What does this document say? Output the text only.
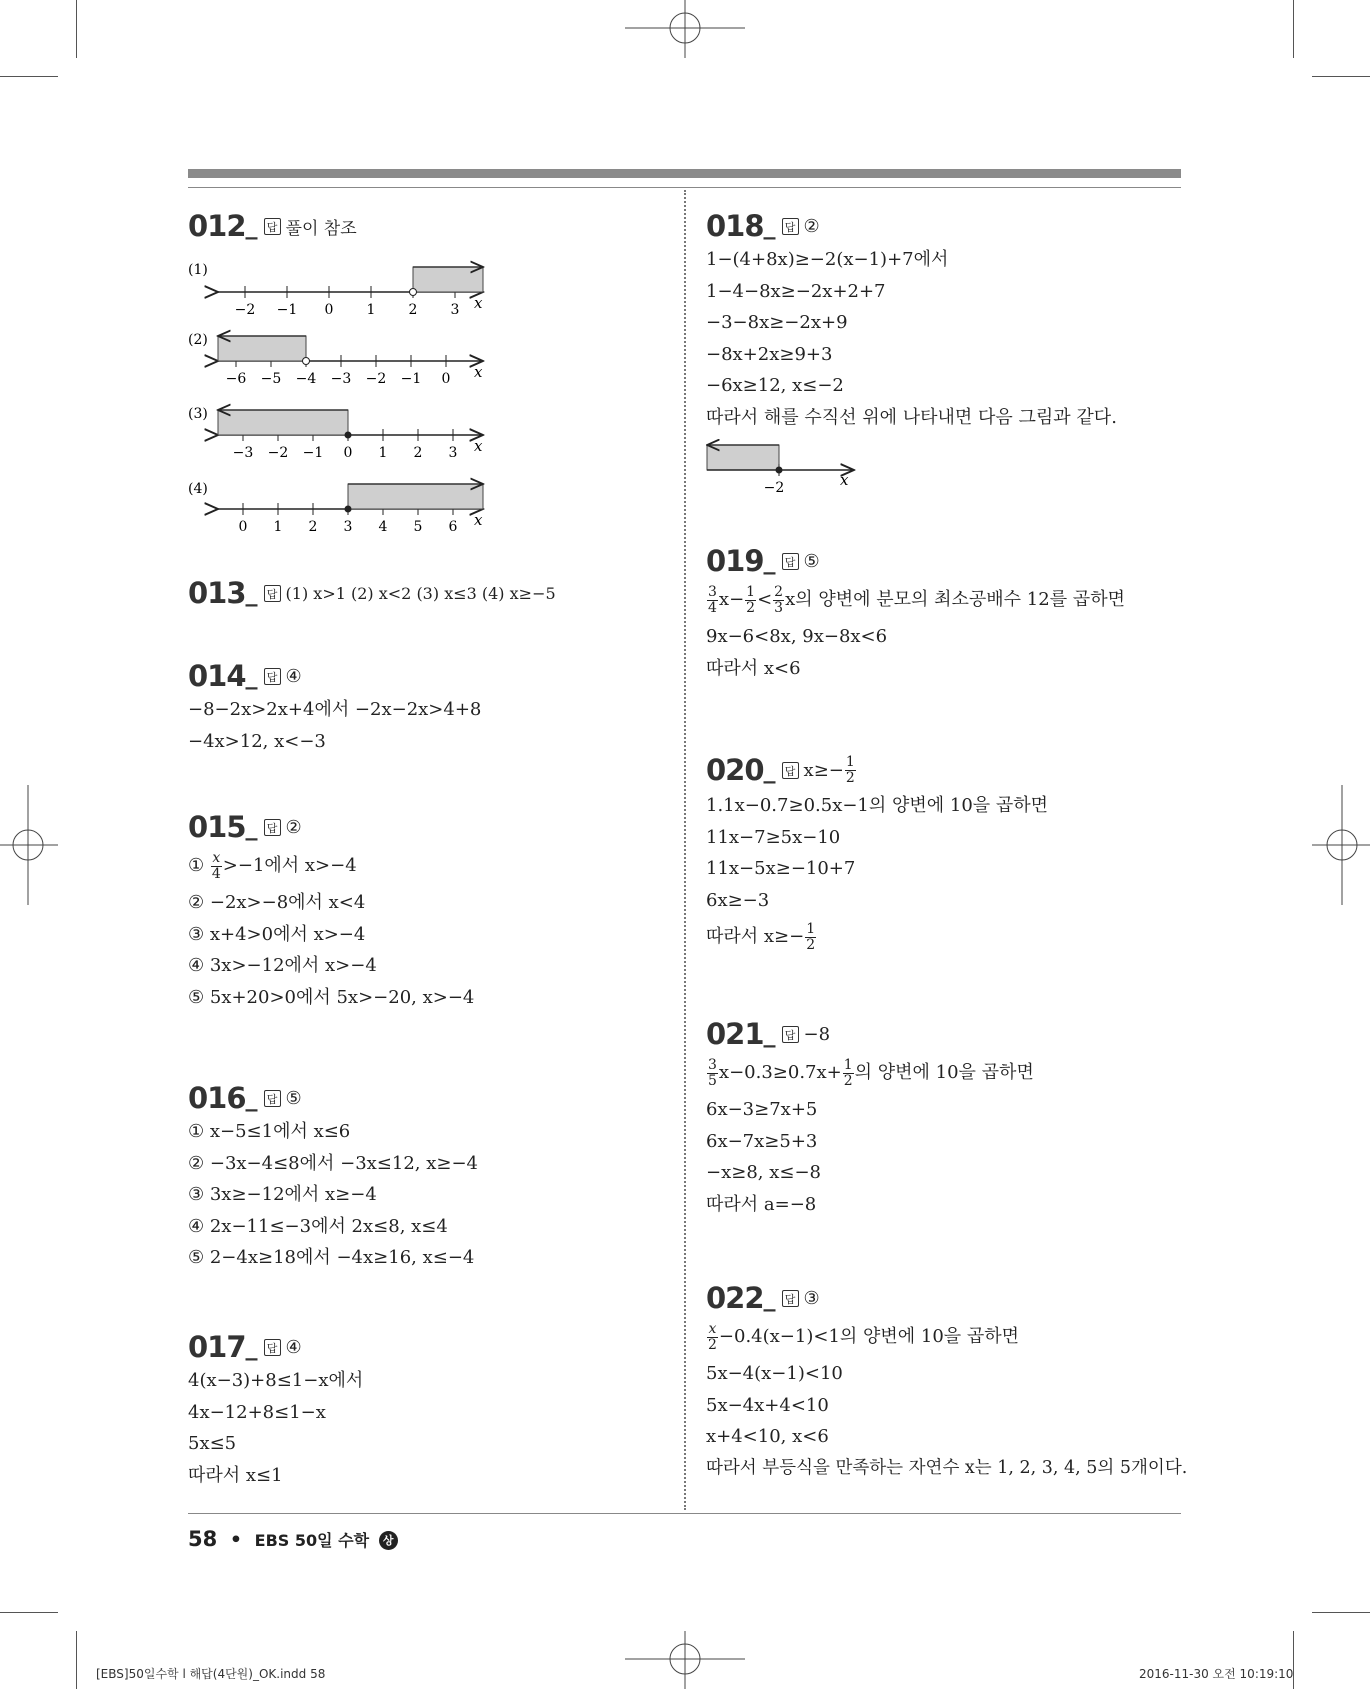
012 _ 답 풀이 참조
(1)
−2 −1 0 1 2 3 x
(2)
−6 −5 −4 −3 −2 −1 0 x
(3)
−3 −2 −1 0 1 2 3 x
(4)
0 1 2 3 4 5 6 x
013 _ 답 (1) x>1 (2) x<2 (3) x≤3 (4) x≥−5
014 _ 답 ④
−8−2x>2x+4에서 −2x−2x>4+8
−4x>12, x<−3
015 _ 답 ②
① $\frac{x}{4} >-1$에서 x>−4
② −2x>−8에서 x<4
③ x+4>0에서 x>−4
④ 3x>−12에서 x>−4
⑤ 5x+20>0에서 5x>−20, x>−4
016 _ 답 ⑤
① x−5≤1에서 x≤6
② −3x−4≤8에서 −3x≤12, x≥−4
③ 3x≥−12에서 x≥−4
④ 2x−11≤−3에서 2x≤8, x≤4
⑤ 2−4x≥18에서 −4x≥16, x≤−4
017 _ 답 ④
4(x−3)+8≤1−x에서
4x−12+8≤1−x
5x≤5
따라서 x≤1
018 _ 답 ②
1−(4+8x)≥−2(x−1)+7에서
1−4−8x≥−2x+2+7
−3−8x≥−2x+9
−8x+2x≥9+3
−6x≥12, x≤−2
따라서 해를 수직선 위에 나타내면 다음 그림과 같다.
−2	x
019 _ 답 ⑤
$\frac{3}{4} x- \frac{1}{2} < \frac{2}{3}$ x의 양변에 분모의 최소공배수 12를 곱하면
9x−6<8x, 9x−8x<6
따라서 x<6
020 _ 답 $x\ge- \frac{1}{2}$
1.1x−0.7≥0.5x−1의 양변에 10을 곱하면
11x−7≥5x−10
11x−5x≥−10+7
6x≥−3
따라서 $x\ge- \frac{1}{2}$
021 _ 답 −8
$\frac{3}{5} x-0.3\ge 0.7x+ \frac{1}{2}$ 의 양변에 10을 곱하면
6x−3≥7x+5
6x−7x≥5+3
−x≥8, x≤−8
따라서 a=−8
022 _ 답 ③
$\frac{x}{2} -0.4(x-1)<1$의 양변에 10을 곱하면
5x−4(x−1)<10
5x−4x+4<10
x+4<10, x<6
따라서 부등식을 만족하는 자연수 x는 1, 2, 3, 4, 5의 5개이다.
58 • EBS 50일 수학 상
[EBS]50일수학 l 해답(4단원)_OK.indd 58	2016-11-30 오전 10:19:10
